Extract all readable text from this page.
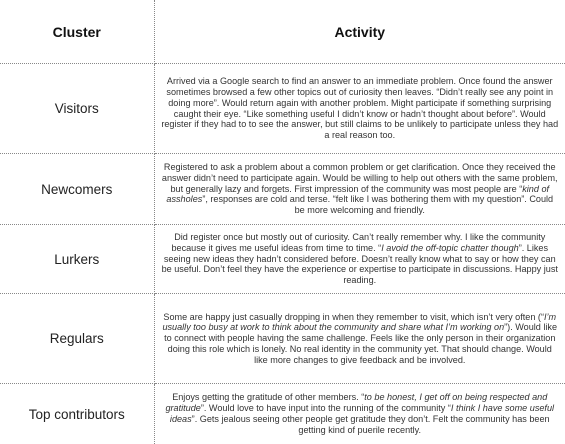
Cluster	Activity
Visitors	Arrived via a Google search to find an answer to an immediate problem. Once found the answer sometimes browsed a few other topics out of curiosity then leaves. “Didn’t really see any point in doing more”. Would return again with another problem. Might participate if something surprising caught their eye. “Like something useful I didn’t know or hadn’t thought about before”. Would register if they had to to see the answer, but still claims to be unlikely to participate unless they had a real reason too.
Newcomers	Registered to ask a problem about a common problem or get clarification. Once they received the answer didn’t need to participate again. Would be willing to help out others with the same problem, but generally lazy and forgets. First impression of the community was most people are “kind of assholes”, responses are cold and terse. “felt like I was bothering them with my question”. Could be more welcoming and friendly.
Lurkers	Did register once but mostly out of curiosity. Can’t really remember why. I like the community because it gives me useful ideas from time to time. “I avoid the off-topic chatter though”. Likes seeing new ideas they hadn’t considered before. Doesn’t really know what to say or how they can be useful. Don’t feel they have the experience or expertise to participate in discussions. Happy just reading.
Regulars	Some are happy just casually dropping in when they remember to visit, which isn’t very often (“I’m usually too busy at work to think about the community and share what I’m working on”). Would like to connect with people having the same challenge. Feels like the only person in their organization doing this role which is lonely. No real identity in the community yet. That should change. Would like more changes to give feedback and be involved.
Top contributors	Enjoys getting the gratitude of other members. “to be honest, I get off on being respected and gratitude”. Would love to have input into the running of the community “I think I have some useful ideas”. Gets jealous seeing other people get gratitude they don’t. Felt the community has been getting kind of puerile recently.
